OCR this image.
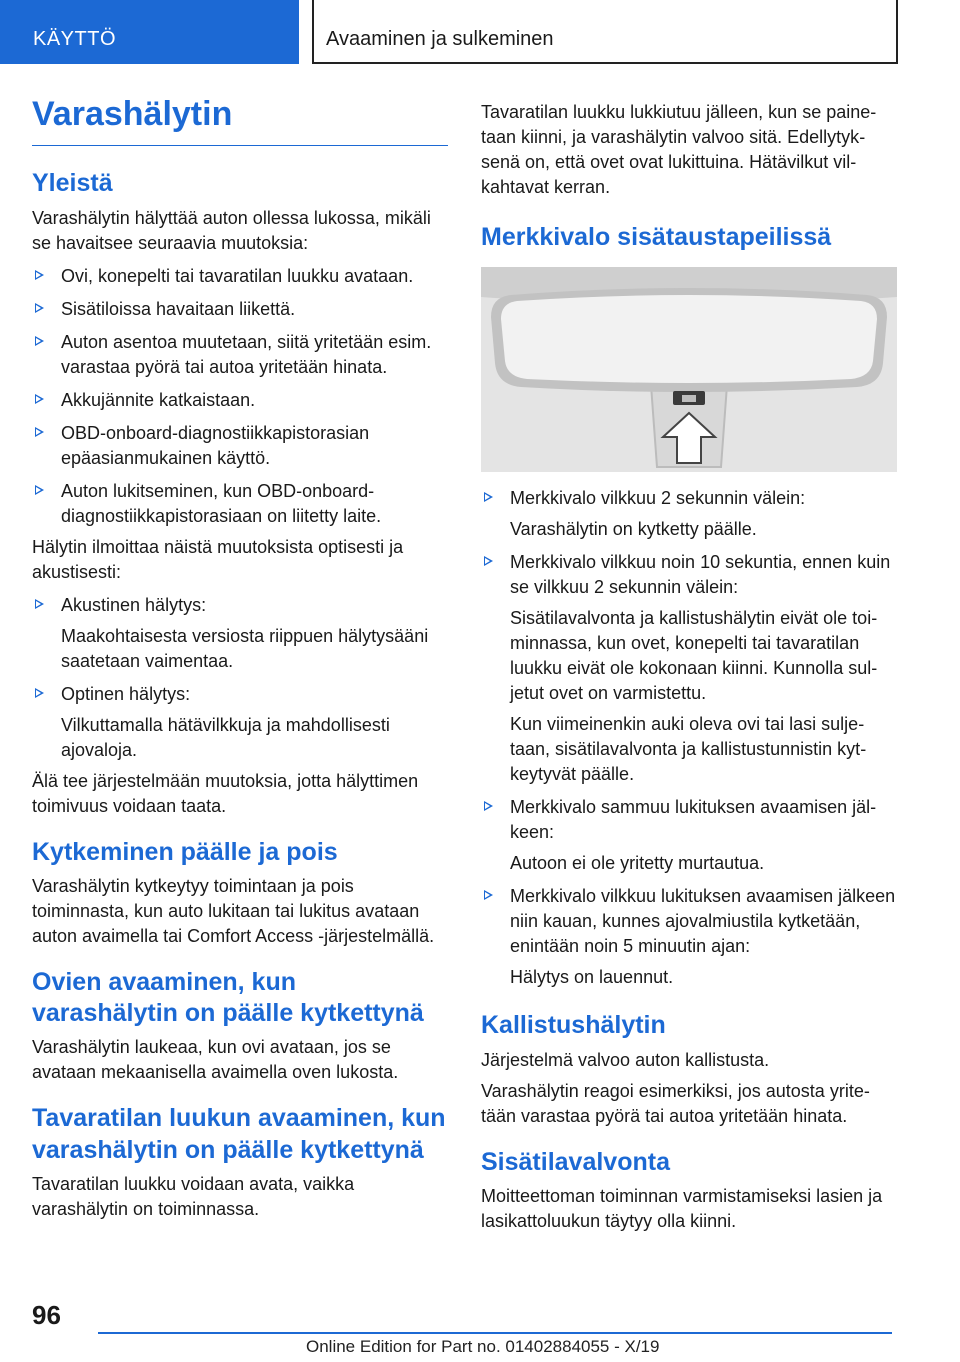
KÄYTTÖ	Avaaminen ja sulkeminen
Varashälytin
Yleistä

Varashälytin hälyttää auton ollessa lukossa, mikäli se havaitsee seuraavia muutoksia:

Ovi, konepelti tai tavaratilan luukku avataan.
Sisätiloissa havaitaan liikettä.
Auton asentoa muutetaan, siitä yritetään esim. varastaa pyörä tai autoa yritetään hinata.
Akkujännite katkaistaan.
OBD-onboard-diagnostiikkapistorasian epäasianmukainen käyttö.
Auton lukitseminen, kun OBD-onboard-diagnostiikkapistorasiaan on liitetty laite.

Hälytin ilmoittaa näistä muutoksista optisesti ja akustisesti:

Akustinen hälytys:
Maakohtaisesta versiosta riippuen hälytysääni saatetaan vaimentaa.
Optinen hälytys:
Vilkuttamalla hätävilkkuja ja mahdollisesti ajovaloja.

Älä tee järjestelmään muutoksia, jotta hälyttimen toimivuus voidaan taata.

Kytkeminen päälle ja pois

Varashälytin kytkeytyy toimintaan ja pois toiminnasta, kun auto lukitaan tai lukitus avataan auton avaimella tai Comfort Access -järjestelmällä.

Ovien avaaminen, kun varashälytin on päälle kytkettynä

Varashälytin laukeaa, kun ovi avataan, jos se avataan mekaanisella avaimella oven lukosta.

Tavaratilan luukun avaaminen, kun varashälytin on päälle kytkettynä

Tavaratilan luukku voidaan avata, vaikka varashälytin on toiminnassa.

Tavaratilan luukku lukkiutuu jälleen, kun se painetaan kiinni, ja varashälytin valvoo sitä. Edellytyksenä on, että ovet ovat lukittuina. Hätävilkut vilkahtavat kerran.

Merkkivalo sisätaustapeilissä
Merkkivalo vilkkuu 2 sekunnin välein:
Varashälytin on kytketty päälle.
Merkkivalo vilkkuu noin 10 sekuntia, ennen kuin se vilkkuu 2 sekunnin välein:
Sisätilavalvonta ja kallistushälytin eivät ole toiminnassa, kun ovet, konepelti tai tavaratilan luukku eivät ole kokonaan kiinni. Kunnolla suljetut ovet on varmistettu.
Kun viimeinenkin auki oleva ovi tai lasi suljetaan, sisätilavalvonta ja kallistustunnistin kytkeytyvät päälle.
Merkkivalo sammuu lukituksen avaamisen jälkeen:
Autoon ei ole yritetty murtautua.
Merkkivalo vilkkuu lukituksen avaamisen jälkeen niin kauan, kunnes ajovalmiustila kytketään, enintään noin 5 minuutin ajan:
Hälytys on lauennut.
Kallistushälytin

Järjestelmä valvoo auton kallistusta.

Varashälytin reagoi esimerkiksi, jos autosta yritetään varastaa pyörä tai autoa yritetään hinata.

Sisätilavalvonta

Moitteettoman toiminnan varmistamiseksi lasien ja lasikattoluukun täytyy olla kiinni.

96
Online Edition for Part no. 01402884055 - X/19
